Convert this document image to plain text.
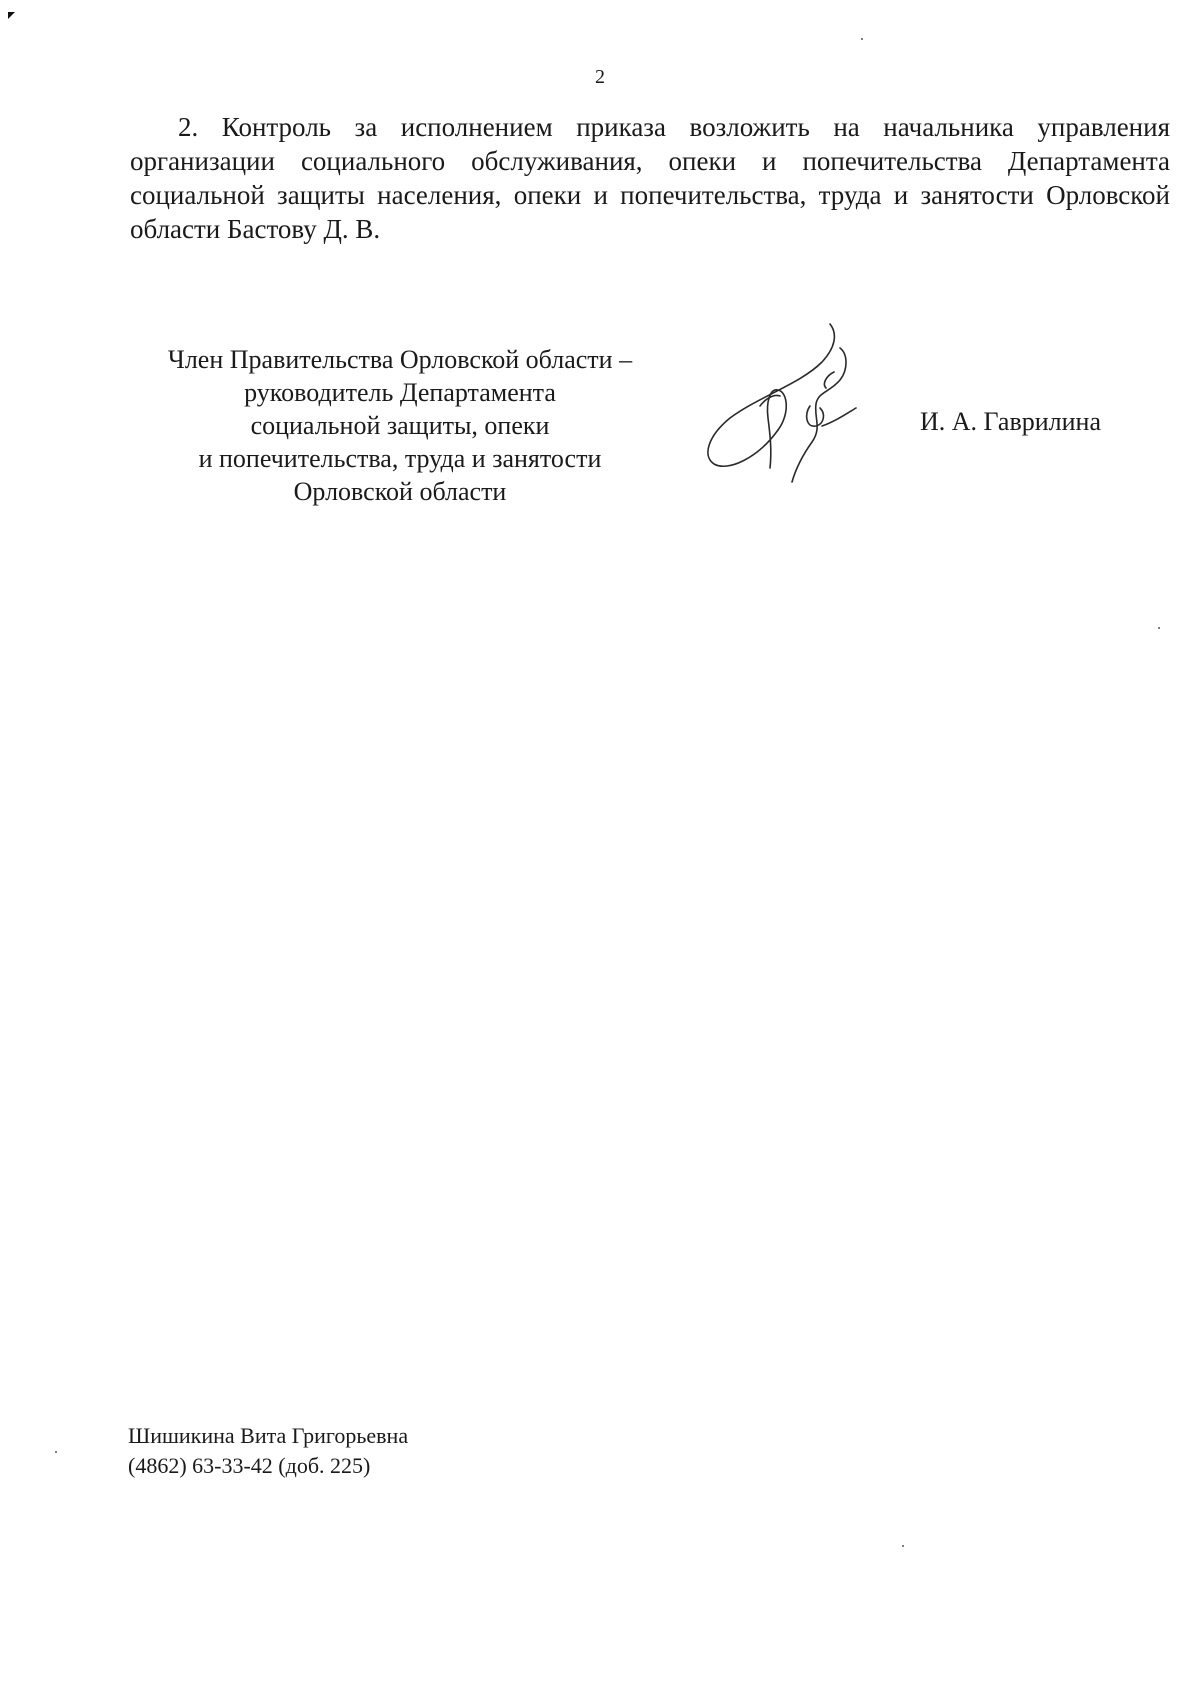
2

2. Контроль за исполнением приказа возложить на начальника управления организации социального обслуживания, опеки и попечительства Департамента социальной защиты населения, опеки и попечительства, труда и занятости Орловской области Бастову Д. В.

Член Правительства Орловской области –
руководитель Департамента
социальной защиты, опеки
и попечительства, труда и занятости
Орловской области
И. А. Гаврилина
Шишикина Вита Григорьевна
(4862) 63-33-42 (доб. 225)
